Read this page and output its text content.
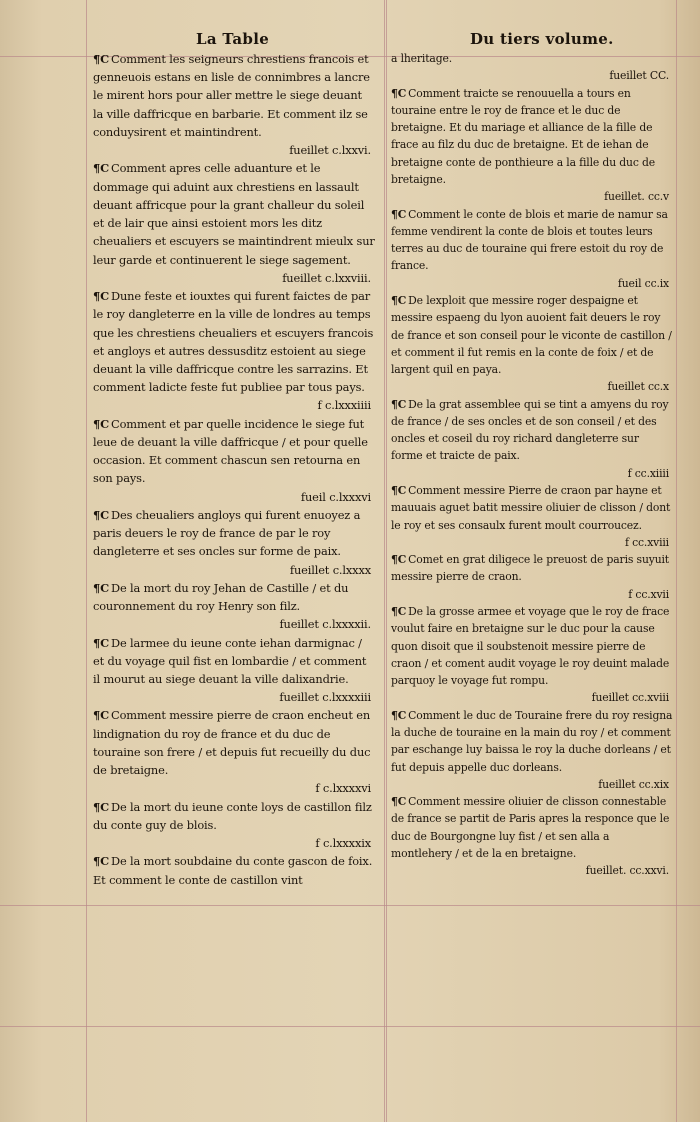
La Table	Du tiers volume.

¶C Comment les seigneurs chrestiens francois et genneuois estans en lisle de connimbres a lancre le mirent hors pour aller mettre le siege deuant la ville daffricque en barbarie. Et comment ilz se conduysirent et maintindrent.
fueillet c.lxxvi.

¶C Comment apres celle aduanture et le dommage qui aduint aux chrestiens en lassault deuant affricque pour la grant challeur du soleil et de lair que ainsi estoient mors les ditz cheualiers et escuyers se maintindrent mieulx sur leur garde et continuerent le siege sagement.
fueillet c.lxxviii.

¶C Dune feste et iouxtes qui furent faictes de par le roy dangleterre en la ville de londres au temps que les chrestiens cheualiers et escuyers francois et angloys et autres dessusditz estoient au siege deuant la ville daffricque contre les sarrazins. Et comment ladicte feste fut publiee par tous pays.
f c.lxxxiiii

¶C Comment et par quelle incidence le siege fut leue de deuant la ville daffricque / et pour quelle occasion. Et comment chascun sen retourna en son pays.
fueil c.lxxxvi

¶C Des cheualiers angloys qui furent enuoyez a paris deuers le roy de france de par le roy dangleterre et ses oncles sur forme de paix.
fueillet c.lxxxx

¶C De la mort du roy Jehan de Castille / et du couronnement du roy Henry son filz.
fueillet c.lxxxxii.

¶C De larmee du ieune conte iehan darmignac / et du voyage quil fist en lombardie / et comment il mourut au siege deuant la ville dalixandrie.
fueillet c.lxxxxiii

¶C Comment messire pierre de craon encheut en lindignation du roy de france et du duc de touraine son frere / et depuis fut recueilly du duc de bretaigne.
f c.lxxxxvi

¶C De la mort du ieune conte loys de castillon filz du conte guy de blois.
f c.lxxxxix

¶C De la mort soubdaine du conte gascon de foix. Et comment le conte de castillon vint

a lheritage.
fueillet CC.

¶C Comment traicte se renouuella a tours en touraine entre le roy de france et le duc de bretaigne. Et du mariage et alliance de la fille de frace au filz du duc de bretaigne. Et de iehan de bretaigne conte de ponthieure a la fille du duc de bretaigne.
fueillet. cc.v

¶C Comment le conte de blois et marie de namur sa femme vendirent la conte de blois et toutes leurs terres au duc de touraine qui frere estoit du roy de france.
fueil cc.ix

¶C De lexploit que messire roger despaigne et messire espaeng du lyon auoient fait deuers le roy de france et son conseil pour le viconte de castillon / et comment il fut remis en la conte de foix / et de largent quil en paya.
fueillet cc.x

¶C De la grat assemblee qui se tint a amyens du roy de france / de ses oncles et de son conseil / et des oncles et coseil du roy richard dangleterre sur forme et traicte de paix.
f cc.xiiii

¶C Comment messire Pierre de craon par hayne et mauuais aguet batit messire oliuier de clisson / dont le roy et ses consaulx furent moult courroucez.
f cc.xviii

¶C Comet en grat diligece le preuost de paris suyuit messire pierre de craon.
f cc.xvii

¶C De la grosse armee et voyage que le roy de frace voulut faire en bretaigne sur le duc pour la cause quon disoit que il soubstenoit messire pierre de craon / et coment audit voyage le roy deuint malade parquoy le voyage fut rompu.
fueillet cc.xviii

¶C Comment le duc de Touraine frere du roy resigna la duche de touraine en la main du roy / et comment par eschange luy baissa le roy la duche dorleans / et fut depuis appelle duc dorleans.
fueillet cc.xix

¶C Comment messire oliuier de clisson connestable de france se partit de Paris apres la responce que le duc de Bourgongne luy fist / et sen alla a montlehery / et de la en bretaigne.
fueillet. cc.xxvi.
